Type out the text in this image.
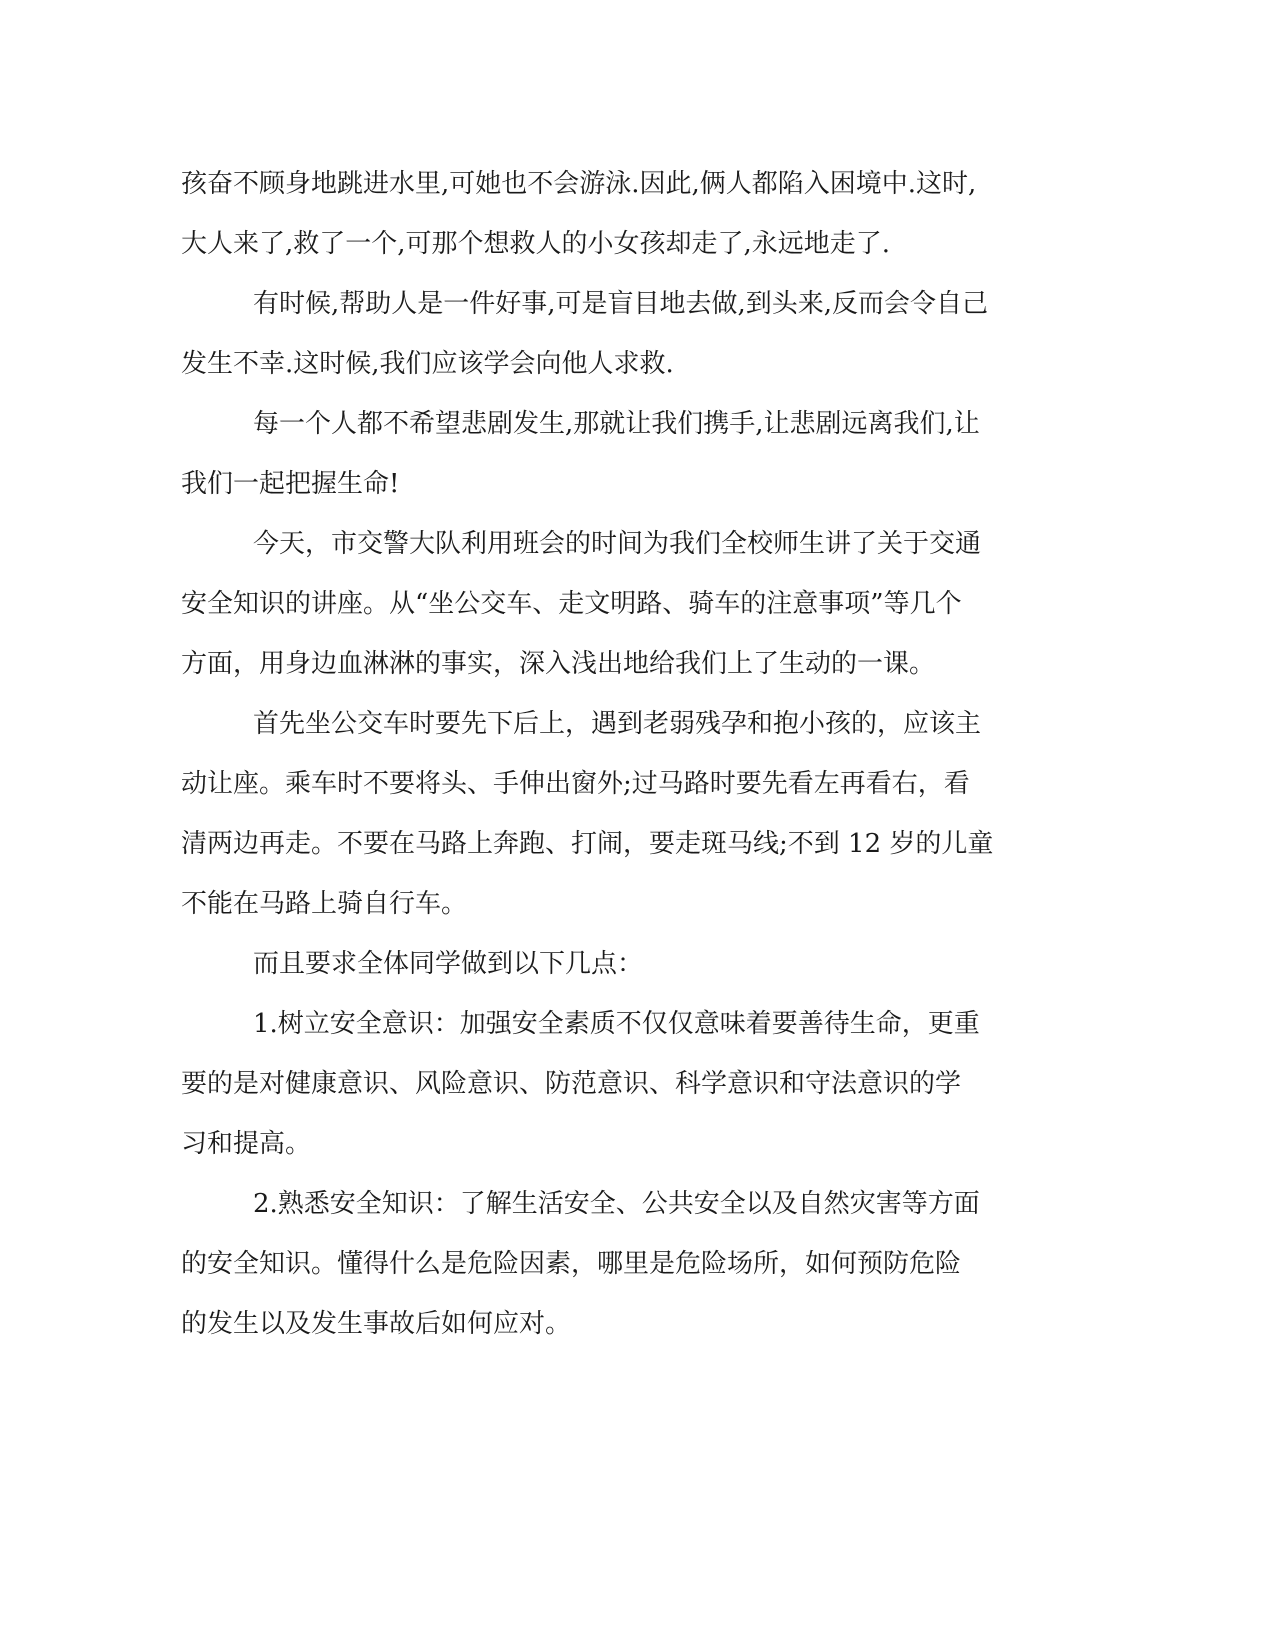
孩奋不顾身地跳进水里,可她也不会游泳.因此,俩人都陷入困境中.这时,
大人来了,救了一个,可那个想救人的小女孩却走了,永远地走了.
有时候,帮助人是一件好事,可是盲目地去做,到头来,反而会令自己
发生不幸.这时候,我们应该学会向他人求救.
每一个人都不希望悲剧发生,那就让我们携手,让悲剧远离我们,让
我们一起把握生命!
今天，市交警大队利用班会的时间为我们全校师生讲了关于交通
安全知识的讲座。从“坐公交车、走文明路、骑车的注意事项”等几个
方面，用身边血淋淋的事实，深入浅出地给我们上了生动的一课。
首先坐公交车时要先下后上，遇到老弱残孕和抱小孩的，应该主
动让座。乘车时不要将头、手伸出窗外;过马路时要先看左再看右，看
清两边再走。不要在马路上奔跑、打闹，要走斑马线;不到 12 岁的儿童
不能在马路上骑自行车。
而且要求全体同学做到以下几点：
1.树立安全意识：加强安全素质不仅仅意味着要善待生命，更重
要的是对健康意识、风险意识、防范意识、科学意识和守法意识的学
习和提高。
2.熟悉安全知识：了解生活安全、公共安全以及自然灾害等方面
的安全知识。懂得什么是危险因素，哪里是危险场所，如何预防危险
的发生以及发生事故后如何应对。
